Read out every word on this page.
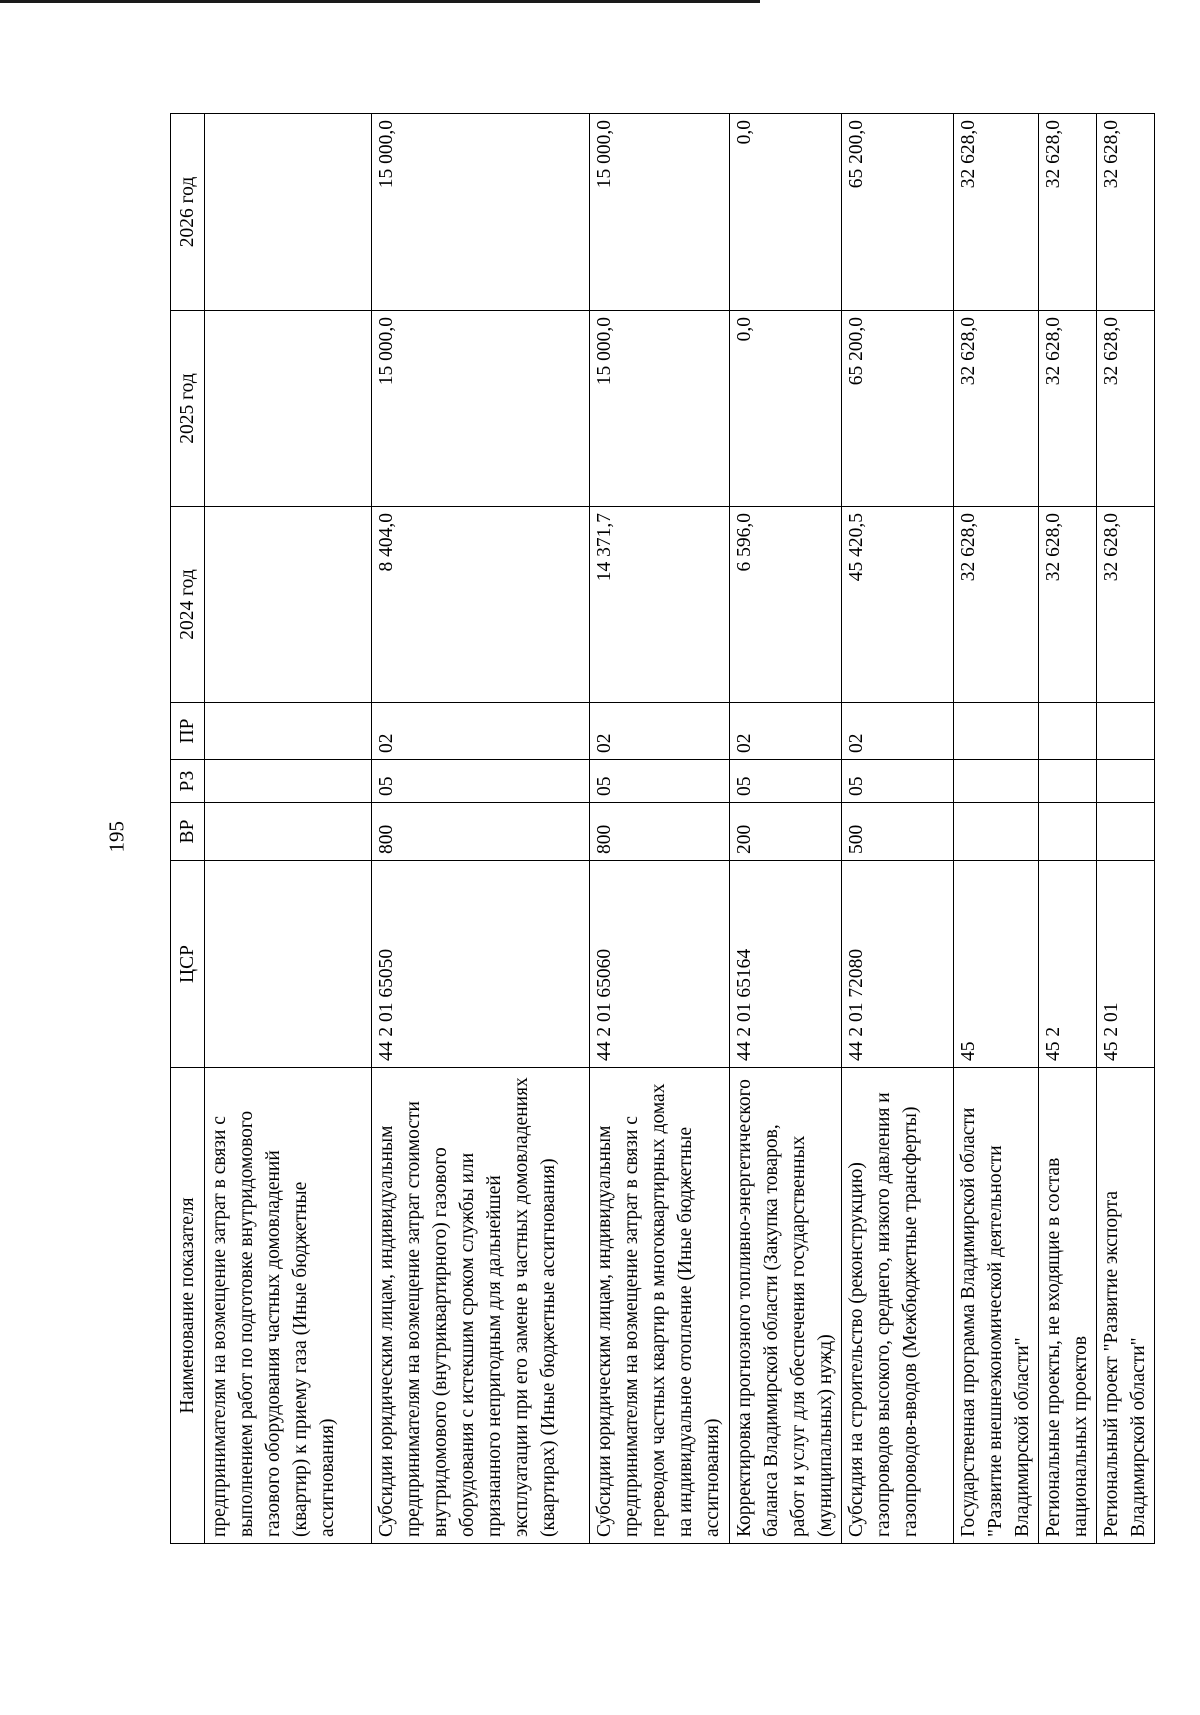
195
Наименование показателя	ЦСР	ВР	РЗ	ПР	2024 год	2025 год	2026 год
предпринимателям на возмещение затрат в связи с выполнением работ по подготовке внутридомового газового оборудования частных домовладений (квартир) к приему газа (Иные бюджетные ассигнования)							
Субсидии юридическим лицам, индивидуальным предпринимателям на возмещение затрат стоимости внутридомового (внутриквартирного) газового оборудования с истекшим сроком службы или признанного непригодным для дальнейшей эксплуатации при его замене в частных домовладениях (квартирах) (Иные бюджетные ассигнования)	44 2 01 65050	800	05	02	8 404,0	15 000,0	15 000,0
Субсидии юридическим лицам, индивидуальным предпринимателям на возмещение затрат в связи с переводом частных квартир в многоквартирных домах на индивидуальное отопление (Иные бюджетные ассигнования)	44 2 01 65060	800	05	02	14 371,7	15 000,0	15 000,0
Корректировка прогнозного топливно-энергетического баланса Владимирской области (Закупка товаров, работ и услуг для обеспечения государственных (муниципальных) нужд)	44 2 01 65164	200	05	02	6 596,0	0,0	0,0
Субсидия на строительство (реконструкцию) газопроводов высокого, среднего, низкого давления и газопроводов-вводов (Межбюджетные трансферты)	44 2 01 72080	500	05	02	45 420,5	65 200,0	65 200,0
Государственная программа Владимирской области "Развитие внешнеэкономической деятельности Владимирской области"	45				32 628,0	32 628,0	32 628,0
Региональные проекты, не входящие в состав национальных проектов	45 2				32 628,0	32 628,0	32 628,0
Региональный проект "Развитие экспорта Владимирской области"	45 2 01				32 628,0	32 628,0	32 628,0
